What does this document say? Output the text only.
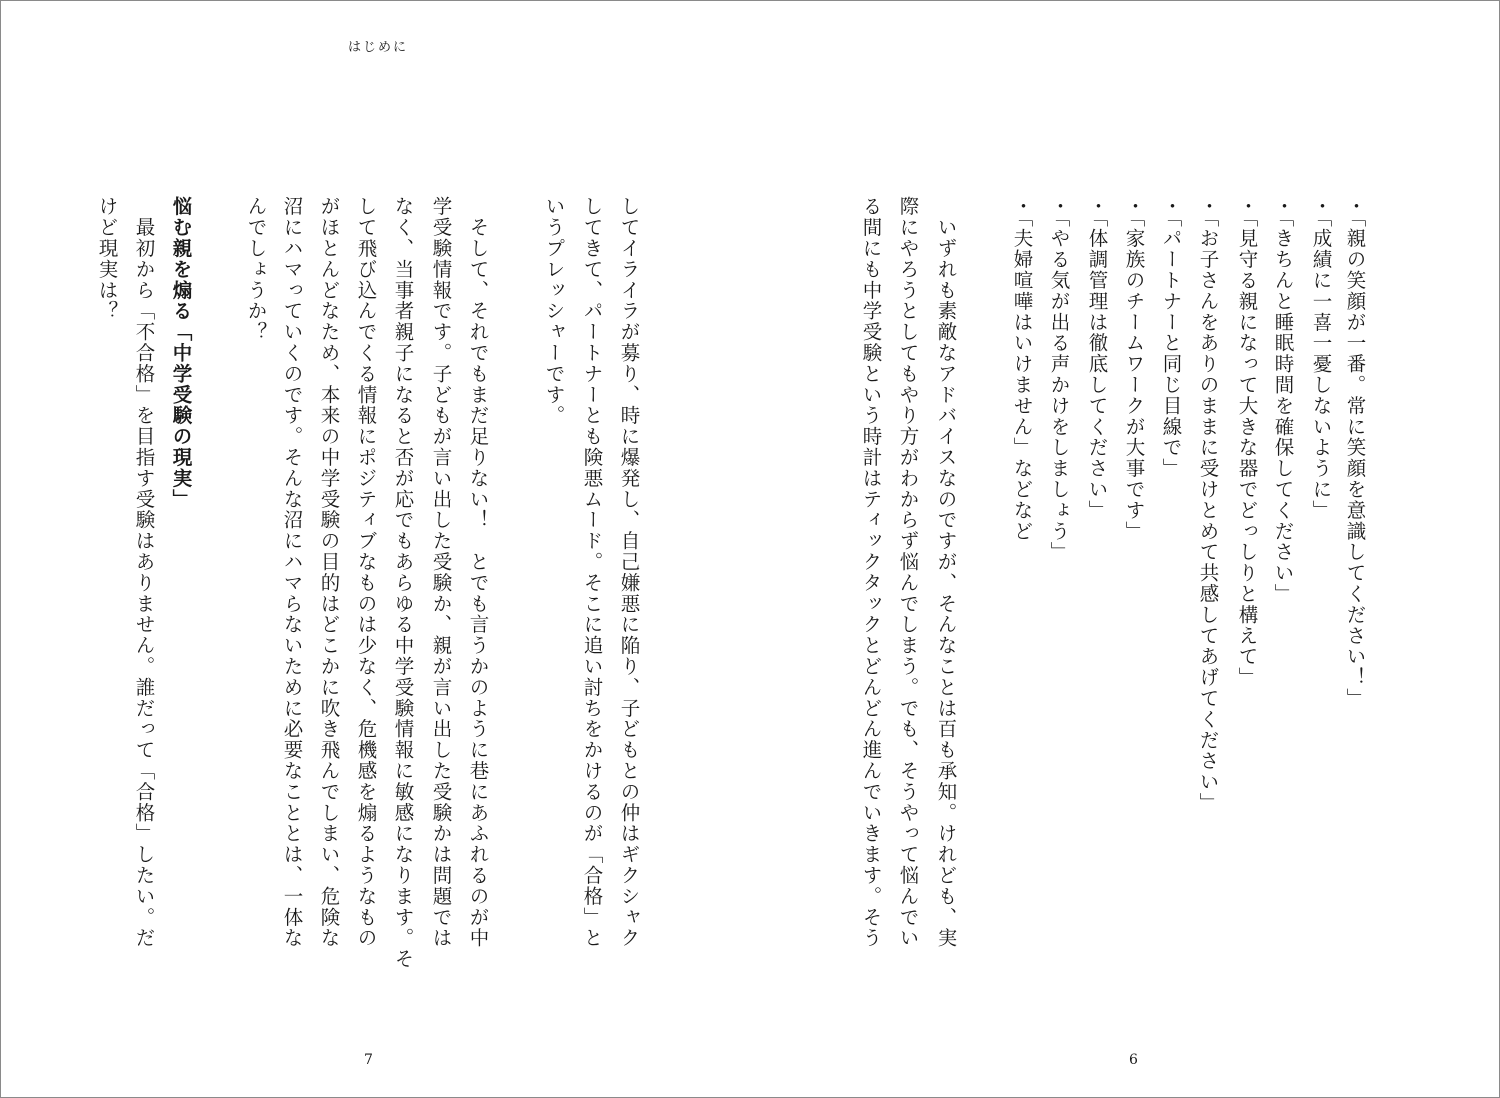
はじめに
・「親の笑顔が一番。常に笑顔を意識してください！」
・「成績に一喜一憂しないように」
・「きちんと睡眠時間を確保してください」
・「見守る親になって大きな器でどっしりと構えて」
・「お子さんをありのままに受けとめて共感してあげてください」
・「パートナーと同じ目線で」
・「家族のチームワークが大事です」
・「体調管理は徹底してください」
・「やる気が出る声かけをしましょう」
・「夫婦喧嘩はいけません」などなど
　いずれも素敵なアドバイスなのですが、そんなことは百も承知。けれども、実
際にやろうとしてもやり方がわからず悩んでしまう。でも、そうやって悩んでい
る間にも中学受験という時計はティックタックとどんどん進んでいきます。そう
してイライラが募り、時に爆発し、自己嫌悪に陥り、子どもとの仲はギクシャク
してきて、パートナーとも険悪ムード。そこに追い討ちをかけるのが「合格」と
いうプレッシャーです。
　そして、それでもまだ足りない！　とでも言うかのように巷にあふれるのが中
学受験情報です。子どもが言い出した受験か、親が言い出した受験かは問題では
なく、当事者親子になると否が応でもあらゆる中学受験情報に敏感になります。そ
して飛び込んでくる情報にポジティブなものは少なく、危機感を煽るようなもの
がほとんどなため、本来の中学受験の目的はどこかに吹き飛んでしまい、危険な
沼にハマっていくのです。そんな沼にハマらないために必要なこととは、一体な
んでしょうか？
悩む親を煽る「中学受験の現実」
　最初から「不合格」を目指す受験はありません。誰だって「合格」したい。だ
けど現実は？
7	6
